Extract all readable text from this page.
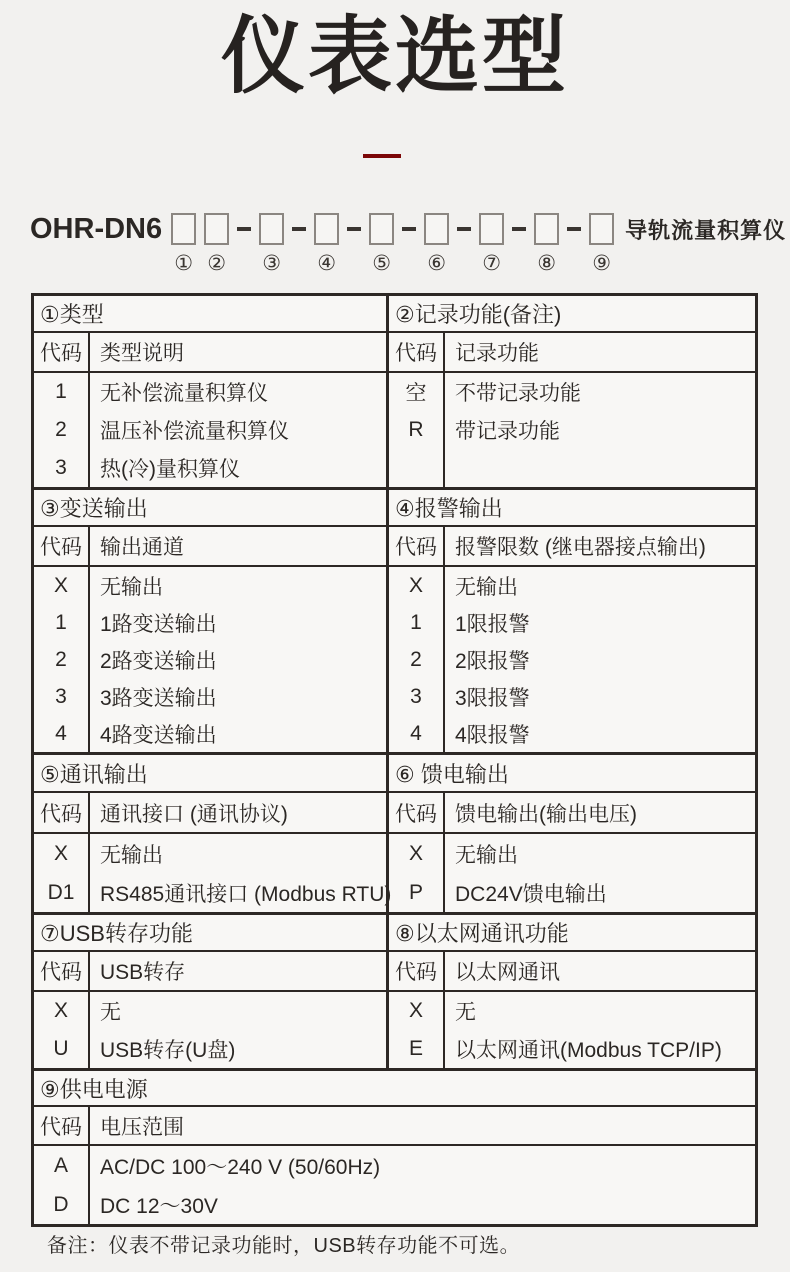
仪表选型
OHR-DN6
① ② ③ ④ ⑤ ⑥ ⑦ ⑧ ⑨
导轨流量积算仪
①类型
代码 类型说明
1
2
3
无补偿流量积算仪
温压补偿流量积算仪
热(冷)量积算仪
②记录功能(备注)
代码 记录功能
空
R
不带记录功能
带记录功能
③变送输出
代码 输出通道
X
1
2
3
4
无输出
1路变送输出
2路变送输出
3路变送输出
4路变送输出
④报警输出
代码 报警限数 (继电器接点输出)
X
1
2
3
4
无输出
1限报警
2限报警
3限报警
4限报警
⑤通讯输出
代码 通讯接口 (通讯协议)
X
D1
无输出
RS485通讯接口 (Modbus RTU)
⑥ 馈电输出
代码 馈电输出(输出电压)
X
P
无输出
DC24V馈电输出
⑦USB转存功能
代码 USB转存
X
U
无
USB转存(U盘)
⑧以太网通讯功能
代码 以太网通讯
X
E
无
以太网通讯(Modbus TCP/IP)
⑨供电电源
代码 电压范围
A
D
AC/DC 100～240 V (50/60Hz)
DC 12～30V
备注：仪表不带记录功能时，USB转存功能不可选。
